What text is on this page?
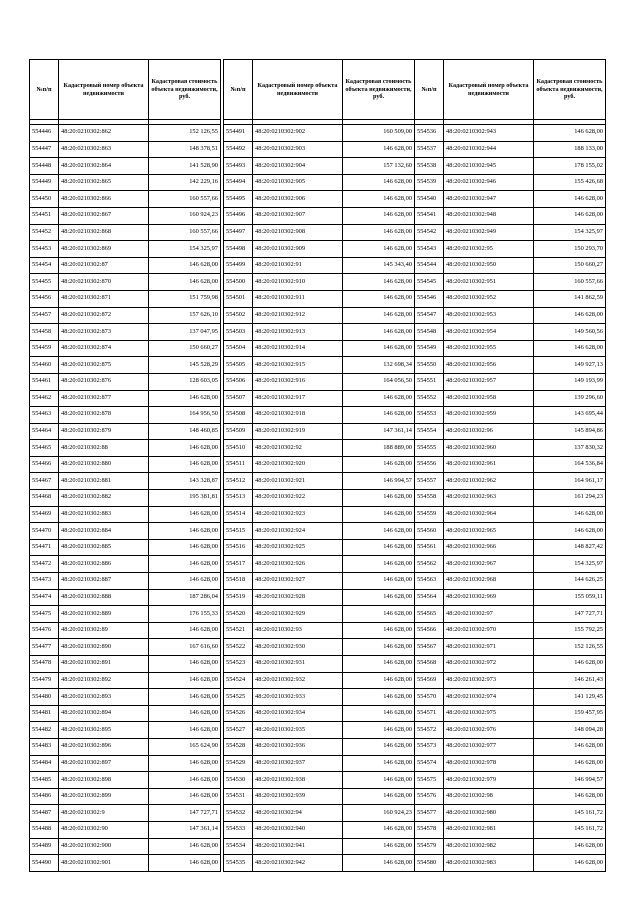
№п/п	Кадастровый номер объекта недвижимости	Кадастровая стоимость объекта недвижимости, руб.

554446	48:20:0210302:862	152 126,55
554447	48:20:0210302:863	148 378,51
554448	48:20:0210302:864	141 528,90
554449	48:20:0210302:865	142 229,16
554450	48:20:0210302:866	160 557,66
554451	48:20:0210302:867	160 924,23
554452	48:20:0210302:868	160 557,66
554453	48:20:0210302:869	154 325,97
554454	48:20:0210302:87	146 628,00
554455	48:20:0210302:870	146 628,00
554456	48:20:0210302:871	151 759,98
554457	48:20:0210302:872	157 626,10
554458	48:20:0210302:873	137 047,95
554459	48:20:0210302:874	150 660,27
554460	48:20:0210302:875	145 528,29
554461	48:20:0210302:876	128 603,05
554462	48:20:0210302:877	146 628,00
554463	48:20:0210302:878	164 956,50
554464	48:20:0210302:879	148 460,85
554465	48:20:0210302:88	146 628,00
554466	48:20:0210302:880	146 628,00
554467	48:20:0210302:881	143 328,87
554468	48:20:0210302:882	195 381,81
554469	48:20:0210302:883	146 628,00
554470	48:20:0210302:884	146 628,00
554471	48:20:0210302:885	146 628,00
554472	48:20:0210302:886	146 628,00
554473	48:20:0210302:887	146 628,00
554474	48:20:0210302:888	187 286,04
554475	48:20:0210302:889	176 155,33
554476	48:20:0210302:89	146 628,00
554477	48:20:0210302:890	167 616,60
554478	48:20:0210302:891	146 628,00
554479	48:20:0210302:892	146 628,00
554480	48:20:0210302:893	146 628,00
554481	48:20:0210302:894	146 628,00
554482	48:20:0210302:895	146 628,00
554483	48:20:0210302:896	165 624,90
554484	48:20:0210302:897	146 628,00
554485	48:20:0210302:898	146 628,00
554486	48:20:0210302:899	146 628,00
554487	48:20:0210302:9	147 727,71
554488	48:20:0210302:90	147 361,14
554489	48:20:0210302:900	146 628,00
554490	48:20:0210302:901	146 628,00
№п/п	Кадастровый номер объекта недвижимости	Кадастровая стоимость объекта недвижимости, руб.

554491	48:20:0210302:902	160 509,00
554492	48:20:0210302:903	146 628,00
554493	48:20:0210302:904	157 132,60
554494	48:20:0210302:905	146 628,00
554495	48:20:0210302:906	146 628,00
554496	48:20:0210302:907	146 628,00
554497	48:20:0210302:908	146 628,00
554498	48:20:0210302:909	146 628,00
554499	48:20:0210302:91	145 343,40
554500	48:20:0210302:910	146 628,00
554501	48:20:0210302:911	146 628,00
554502	48:20:0210302:912	146 628,00
554503	48:20:0210302:913	146 628,00
554504	48:20:0210302:914	146 628,00
554505	48:20:0210302:915	132 698,34
554506	48:20:0210302:916	164 056,50
554507	48:20:0210302:917	146 628,00
554508	48:20:0210302:918	146 628,00
554509	48:20:0210302:919	147 361,14
554510	48:20:0210302:92	188 889,00
554511	48:20:0210302:920	146 628,00
554512	48:20:0210302:921	146 994,57
554513	48:20:0210302:922	146 628,00
554514	48:20:0210302:923	146 628,00
554515	48:20:0210302:924	146 628,00
554516	48:20:0210302:925	146 628,00
554517	48:20:0210302:926	146 628,00
554518	48:20:0210302:927	146 628,00
554519	48:20:0210302:928	146 628,00
554520	48:20:0210302:929	146 628,00
554521	48:20:0210302:93	146 628,00
554522	48:20:0210302:930	146 628,00
554523	48:20:0210302:931	146 628,00
554524	48:20:0210302:932	146 628,00
554525	48:20:0210302:933	146 628,00
554526	48:20:0210302:934	146 628,00
554527	48:20:0210302:935	146 628,00
554528	48:20:0210302:936	146 628,00
554529	48:20:0210302:937	146 628,00
554530	48:20:0210302:938	146 628,00
554531	48:20:0210302:939	146 628,00
554532	48:20:0210302:94	160 924,23
554533	48:20:0210302:940	146 628,00
554534	48:20:0210302:941	146 628,00
554535	48:20:0210302:942	146 628,00
№п/п	Кадастровый номер объекта недвижимости	Кадастровая стоимость объекта недвижимости, руб.

554536	48:20:0210302:943	146 628,00
554537	48:20:0210302:944	188 133,00
554538	48:20:0210302:945	178 155,02
554539	48:20:0210302:946	155 426,68
554540	48:20:0210302:947	146 628,00
554541	48:20:0210302:948	146 628,00
554542	48:20:0210302:949	154 325,97
554543	48:20:0210302:95	150 293,70
554544	48:20:0210302:950	150 660,27
554545	48:20:0210302:951	160 557,66
554546	48:20:0210302:952	141 862,59
554547	48:20:0210302:953	146 628,00
554548	48:20:0210302:954	149 560,56
554549	48:20:0210302:955	146 628,00
554550	48:20:0210302:956	149 927,13
554551	48:20:0210302:957	149 193,99
554552	48:20:0210302:958	139 296,60
554553	48:20:0210302:959	143 695,44
554554	48:20:0210302:96	145 894,86
554555	48:20:0210302:960	137 830,32
554556	48:20:0210302:961	164 536,84
554557	48:20:0210302:962	164 961,17
554558	48:20:0210302:963	161 294,23
554559	48:20:0210302:964	146 628,00
554560	48:20:0210302:965	146 628,00
554561	48:20:0210302:966	148 827,42
554562	48:20:0210302:967	154 325,97
554563	48:20:0210302:968	144 626,25
554564	48:20:0210302:969	155 059,11
554565	48:20:0210302:97	147 727,71
554566	48:20:0210302:970	155 792,25
554567	48:20:0210302:971	152 126,55
554568	48:20:0210302:972	146 628,00
554569	48:20:0210302:973	146 261,43
554570	48:20:0210302:974	141 129,45
554571	48:20:0210302:975	159 457,95
554572	48:20:0210302:976	148 094,28
554573	48:20:0210302:977	146 628,00
554574	48:20:0210302:978	146 628,00
554575	48:20:0210302:979	146 994,57
554576	48:20:0210302:98	146 628,00
554577	48:20:0210302:980	145 161,72
554578	48:20:0210302:981	145 161,72
554579	48:20:0210302:982	146 628,00
554580	48:20:0210302:983	146 628,00
